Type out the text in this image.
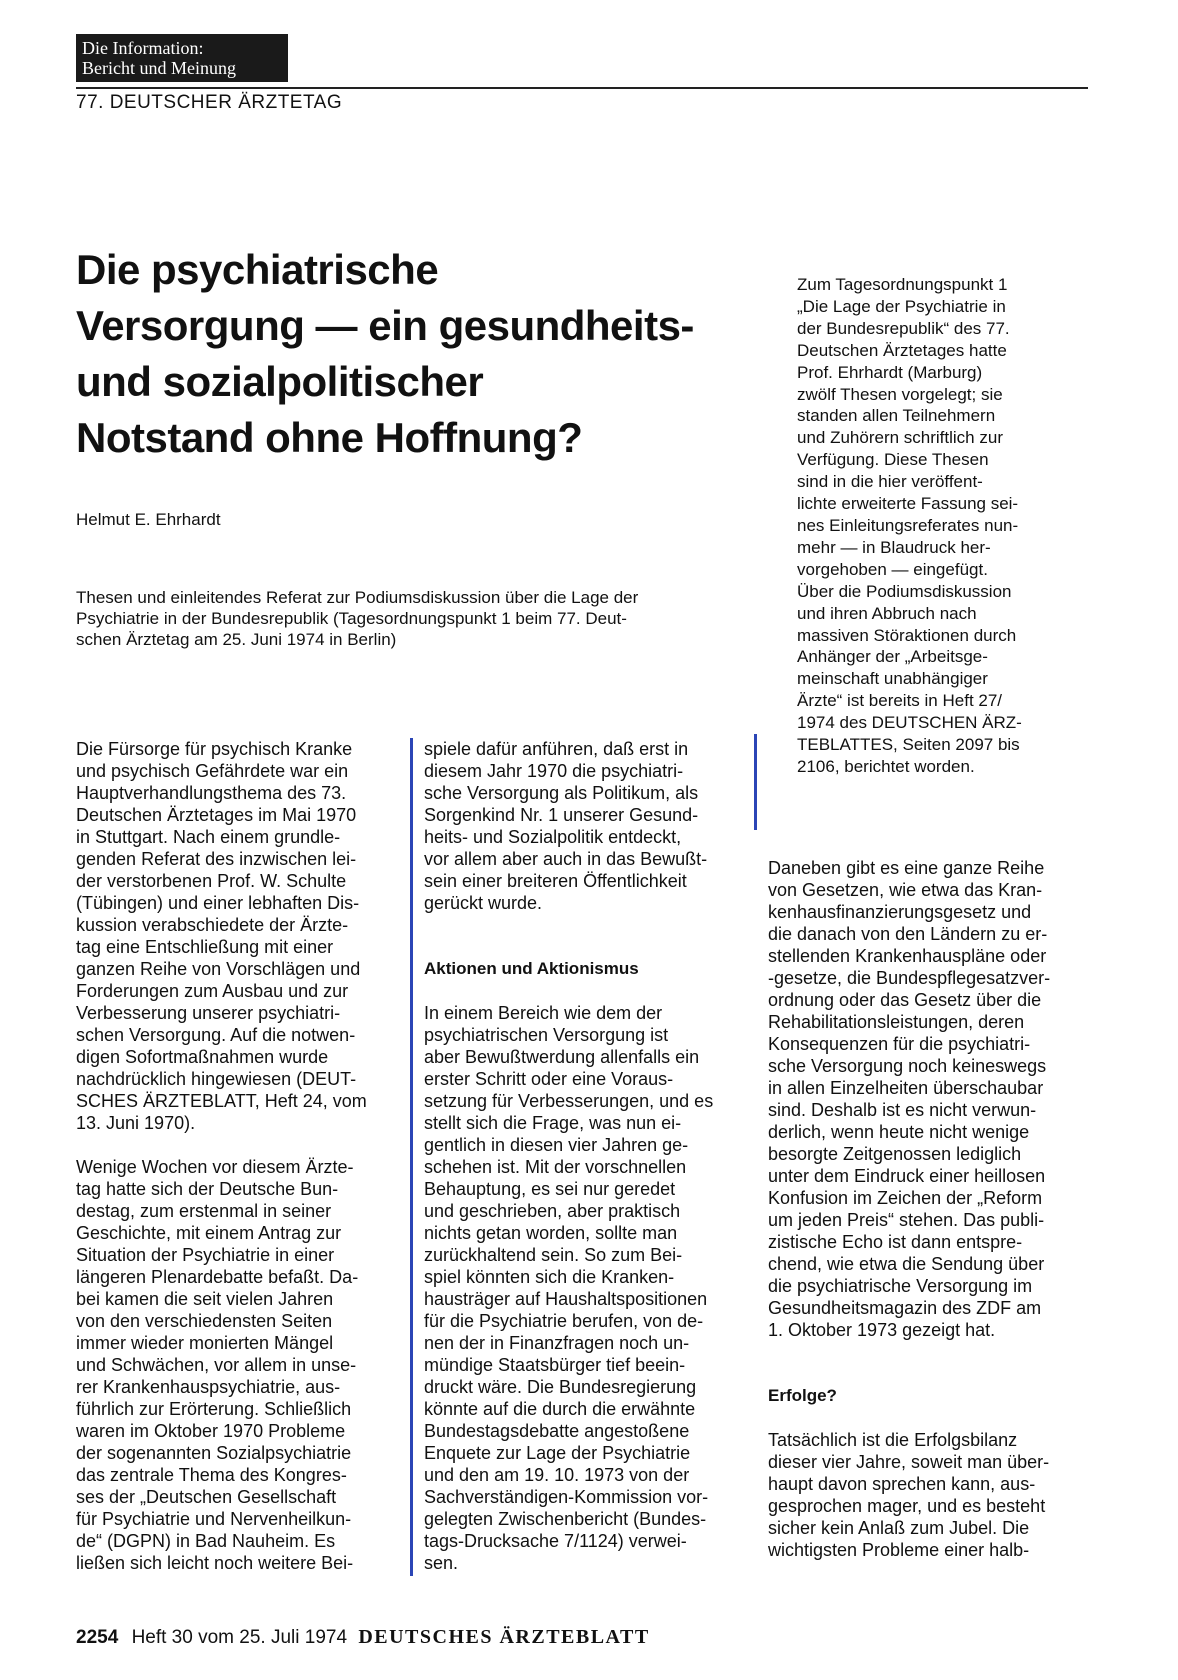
Die Information:
Bericht und Meinung
77. DEUTSCHER ÄRZTETAG
Die psychiatrische
Versorgung — ein gesundheits-
und sozialpolitischer
Notstand ohne Hoffnung?
Helmut E. Ehrhardt
Thesen und einleitendes Referat zur Podiumsdiskussion über die Lage der
Psychiatrie in der Bundesrepublik (Tagesordnungspunkt 1 beim 77. Deut-
schen Ärztetag am 25. Juni 1974 in Berlin)
Zum Tagesordnungspunkt 1
„Die Lage der Psychiatrie in
der Bundesrepublik“ des 77.
Deutschen Ärztetages hatte
Prof. Ehrhardt (Marburg)
zwölf Thesen vorgelegt; sie
standen allen Teilnehmern
und Zuhörern schriftlich zur
Verfügung. Diese Thesen
sind in die hier veröffent-
lichte erweiterte Fassung sei-
nes Einleitungsreferates nun-
mehr — in Blaudruck her-
vorgehoben — eingefügt.
Über die Podiumsdiskussion
und ihren Abbruch nach
massiven Störaktionen durch
Anhänger der „Arbeitsge-
meinschaft unabhängiger
Ärzte“ ist bereits in Heft 27/
1974 des DEUTSCHEN ÄRZ-
TEBLATTES, Seiten 2097 bis
2106, berichtet worden.
Die Fürsorge für psychisch Kranke
und psychisch Gefährdete war ein
Hauptverhandlungsthema des 73.
Deutschen Ärztetages im Mai 1970
in Stuttgart. Nach einem grundle-
genden Referat des inzwischen lei-
der verstorbenen Prof. W. Schulte
(Tübingen) und einer lebhaften Dis-
kussion verabschiedete der Ärzte-
tag eine Entschließung mit einer
ganzen Reihe von Vorschlägen und
Forderungen zum Ausbau und zur
Verbesserung unserer psychiatri-
schen Versorgung. Auf die notwen-
digen Sofortmaßnahmen wurde
nachdrücklich hingewiesen (DEUT-
SCHES ÄRZTEBLATT, Heft 24, vom
13. Juni 1970).
Wenige Wochen vor diesem Ärzte-
tag hatte sich der Deutsche Bun-
destag, zum erstenmal in seiner
Geschichte, mit einem Antrag zur
Situation der Psychiatrie in einer
längeren Plenardebatte befaßt. Da-
bei kamen die seit vielen Jahren
von den verschiedensten Seiten
immer wieder monierten Mängel
und Schwächen, vor allem in unse-
rer Krankenhauspsychiatrie, aus-
führlich zur Erörterung. Schließlich
waren im Oktober 1970 Probleme
der sogenannten Sozialpsychiatrie
das zentrale Thema des Kongres-
ses der „Deutschen Gesellschaft
für Psychiatrie und Nervenheilkun-
de“ (DGPN) in Bad Nauheim. Es
ließen sich leicht noch weitere Bei-
spiele dafür anführen, daß erst in
diesem Jahr 1970 die psychiatri-
sche Versorgung als Politikum, als
Sorgenkind Nr. 1 unserer Gesund-
heits- und Sozialpolitik entdeckt,
vor allem aber auch in das Bewußt-
sein einer breiteren Öffentlichkeit
gerückt wurde.
Aktionen und Aktionismus
In einem Bereich wie dem der
psychiatrischen Versorgung ist
aber Bewußtwerdung allenfalls ein
erster Schritt oder eine Voraus-
setzung für Verbesserungen, und es
stellt sich die Frage, was nun ei-
gentlich in diesen vier Jahren ge-
schehen ist. Mit der vorschnellen
Behauptung, es sei nur geredet
und geschrieben, aber praktisch
nichts getan worden, sollte man
zurückhaltend sein. So zum Bei-
spiel könnten sich die Kranken-
hausträger auf Haushaltspositionen
für die Psychiatrie berufen, von de-
nen der in Finanzfragen noch un-
mündige Staatsbürger tief beein-
druckt wäre. Die Bundesregierung
könnte auf die durch die erwähnte
Bundestagsdebatte angestoßene
Enquete zur Lage der Psychiatrie
und den am 19. 10. 1973 von der
Sachverständigen-Kommission vor-
gelegten Zwischenbericht (Bundes-
tags-Drucksache 7/1124) verwei-
sen.
Daneben gibt es eine ganze Reihe
von Gesetzen, wie etwa das Kran-
kenhausfinanzierungsgesetz und
die danach von den Ländern zu er-
stellenden Krankenhauspläne oder
-gesetze, die Bundespflegesatzver-
ordnung oder das Gesetz über die
Rehabilitationsleistungen, deren
Konsequenzen für die psychiatri-
sche Versorgung noch keineswegs
in allen Einzelheiten überschaubar
sind. Deshalb ist es nicht verwun-
derlich, wenn heute nicht wenige
besorgte Zeitgenossen lediglich
unter dem Eindruck einer heillosen
Konfusion im Zeichen der „Reform
um jeden Preis“ stehen. Das publi-
zistische Echo ist dann entspre-
chend, wie etwa die Sendung über
die psychiatrische Versorgung im
Gesundheitsmagazin des ZDF am
1. Oktober 1973 gezeigt hat.
Erfolge?
Tatsächlich ist die Erfolgsbilanz
dieser vier Jahre, soweit man über-
haupt davon sprechen kann, aus-
gesprochen mager, und es besteht
sicher kein Anlaß zum Jubel. Die
wichtigsten Probleme einer halb-
2254 Heft 30 vom 25. Juli 1974 DEUTSCHES ÄRZTEBLATT
